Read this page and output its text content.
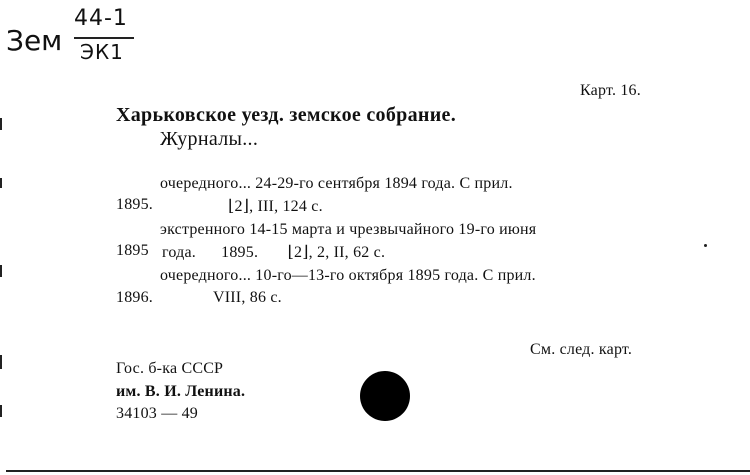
Зем
44-1
ЭК1
Карт. 16.
Харьковское уезд. земское собрание.
Журналы...
очередного... 24-29-го сентября 1894 года. С прил.
1895.	⌊2⌋, III, 124 с.
экстренного 14-15 марта и чрезвычайного 19-го июня
1895 года.      1895.       ⌊2⌋, 2, II, 62 с.
очередного... 10-го—13-го октября 1895 года. С прил.
1896.	VIII, 86 с.
См. след. карт.
Гос. б-ка СССР
им. В. И. Ленина.
34103 — 49
